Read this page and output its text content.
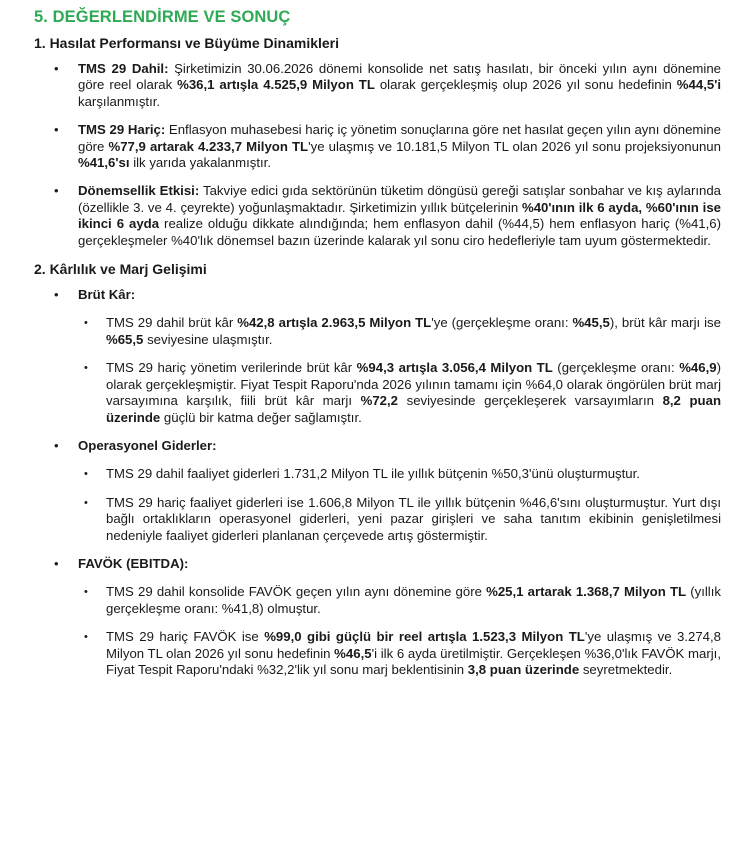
5. DEĞERLENDİRME VE SONUÇ
1. Hasılat Performansı ve Büyüme Dinamikleri
• TMS 29 Dahil: Şirketimizin 30.06.2026 dönemi konsolide net satış hasılatı, bir önceki yılın aynı dönemine göre reel olarak %36,1 artışla 4.525,9 Milyon TL olarak gerçekleşmiş olup 2026 yıl sonu hedefinin %44,5'i karşılanmıştır.
• TMS 29 Hariç: Enflasyon muhasebesi hariç iç yönetim sonuçlarına göre net hasılat geçen yılın aynı dönemine göre %77,9 artarak 4.233,7 Milyon TL'ye ulaşmış ve 10.181,5 Milyon TL olan 2026 yıl sonu projeksiyonunun %41,6'sı ilk yarıda yakalanmıştır.
• Dönemsellik Etkisi: Takviye edici gıda sektörünün tüketim döngüsü gereği satışlar sonbahar ve kış aylarında (özellikle 3. ve 4. çeyrekte) yoğunlaşmaktadır. Şirketimizin yıllık bütçelerinin %40'ının ilk 6 ayda, %60'ının ise ikinci 6 ayda realize olduğu dikkate alındığında; hem enflasyon dahil (%44,5) hem enflasyon hariç (%41,6) gerçekleşmeler %40'lık dönemsel bazın üzerinde kalarak yıl sonu ciro hedefleriyle tam uyum göstermektedir.
2. Kârlılık ve Marj Gelişimi
• Brüt Kâr:
• TMS 29 dahil brüt kâr %42,8 artışla 2.963,5 Milyon TL'ye (gerçekleşme oranı: %45,5), brüt kâr marjı ise %65,5 seviyesine ulaşmıştır.
• TMS 29 hariç yönetim verilerinde brüt kâr %94,3 artışla 3.056,4 Milyon TL (gerçekleşme oranı: %46,9) olarak gerçekleşmiştir. Fiyat Tespit Raporu'nda 2026 yılının tamamı için %64,0 olarak öngörülen brüt marj varsayımına karşılık, fiili brüt kâr marjı %72,2 seviyesinde gerçekleşerek varsayımların 8,2 puan üzerinde güçlü bir katma değer sağlamıştır.
• Operasyonel Giderler:
• TMS 29 dahil faaliyet giderleri 1.731,2 Milyon TL ile yıllık bütçenin %50,3'ünü oluşturmuştur.
• TMS 29 hariç faaliyet giderleri ise 1.606,8 Milyon TL ile yıllık bütçenin %46,6'sını oluşturmuştur. Yurt dışı bağlı ortaklıkların operasyonel giderleri, yeni pazar girişleri ve saha tanıtım ekibinin genişletilmesi nedeniyle faaliyet giderleri planlanan çerçevede artış göstermiştir.
• FAVÖK (EBITDA):
• TMS 29 dahil konsolide FAVÖK geçen yılın aynı dönemine göre %25,1 artarak 1.368,7 Milyon TL (yıllık gerçekleşme oranı: %41,8) olmuştur.
• TMS 29 hariç FAVÖK ise %99,0 gibi güçlü bir reel artışla 1.523,3 Milyon TL'ye ulaşmış ve 3.274,8 Milyon TL olan 2026 yıl sonu hedefinin %46,5'i ilk 6 ayda üretilmiştir. Gerçekleşen %36,0'lık FAVÖK marjı, Fiyat Tespit Raporu'ndaki %32,2'lik yıl sonu marj beklentisinin 3,8 puan üzerinde seyretmektedir.
